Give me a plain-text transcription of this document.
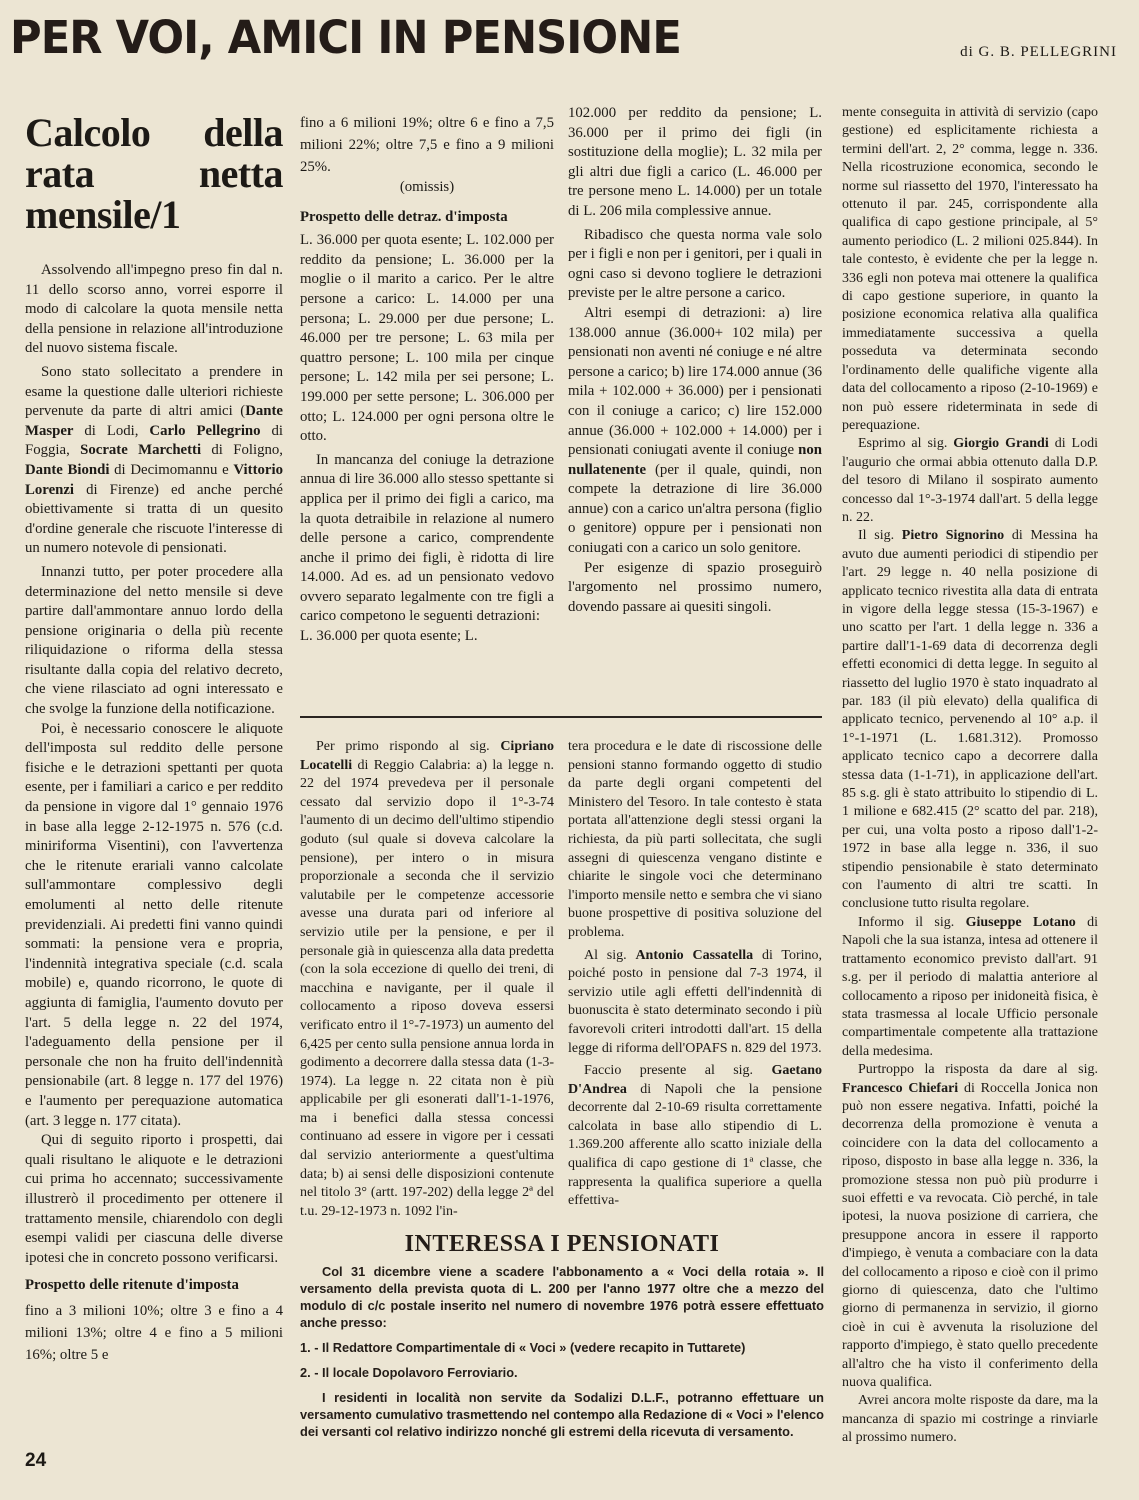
PER VOI, AMICI IN PENSIONE	di G. B. PELLEGRINI
Calcolo della rata netta mensile/1

Assolvendo all'impegno preso fin dal n. 11 dello scorso anno, vorrei esporre il modo di calcolare la quota mensile netta della pensione in relazione all'introduzione del nuovo sistema fiscale.

Sono stato sollecitato a prendere in esame la questione dalle ulteriori richieste pervenute da parte di altri amici (Dante Masper di Lodi, Carlo Pellegrino di Foggia, Socrate Marchetti di Foligno, Dante Biondi di Decimomannu e Vittorio Lorenzi di Firenze) ed anche perché obiettivamente si tratta di un quesito d'ordine generale che riscuote l'interesse di un numero notevole di pensionati.

Innanzi tutto, per poter procedere alla determinazione del netto mensile si deve partire dall'ammontare annuo lordo della pensione originaria o della più recente riliquidazione o riforma della stessa risultante dalla copia del relativo decreto, che viene rilasciato ad ogni interessato e che svolge la funzione della notificazione.

Poi, è necessario conoscere le aliquote dell'imposta sul reddito delle persone fisiche e le detrazioni spettanti per quota esente, per i familiari a carico e per reddito da pensione in vigore dal 1° gennaio 1976 in base alla legge 2-12-1975 n. 576 (c.d. miniriforma Visentini), con l'avvertenza che le ritenute erariali vanno calcolate sull'ammontare complessivo degli emolumenti al netto delle ritenute previdenziali. Ai predetti fini vanno quindi sommati: la pensione vera e propria, l'indennità integrativa speciale (c.d. scala mobile) e, quando ricorrono, le quote di aggiunta di famiglia, l'aumento dovuto per l'art. 5 della legge n. 22 del 1974, l'adeguamento della pensione per il personale che non ha fruito dell'indennità pensionabile (art. 8 legge n. 177 del 1976) e l'aumento per perequazione automatica (art. 3 legge n. 177 citata).

Qui di seguito riporto i prospetti, dai quali risultano le aliquote e le detrazioni cui prima ho accennato; successivamente illustrerò il procedimento per ottenere il trattamento mensile, chiarendolo con degli esempi validi per ciascuna delle diverse ipotesi che in concreto possono verificarsi.

Prospetto delle ritenute d'imposta

fino a 3 milioni 10%; oltre 3 e fino a 4 milioni 13%; oltre 4 e fino a 5 milioni 16%; oltre 5 e

fino a 6 milioni 19%; oltre 6 e fino a 7,5 milioni 22%; oltre 7,5 e fino a 9 milioni 25%.

(omissis)

Prospetto delle detraz. d'imposta

L. 36.000 per quota esente; L. 102.000 per reddito da pensione; L. 36.000 per la moglie o il marito a carico. Per le altre persone a carico: L. 14.000 per una persona; L. 29.000 per due persone; L. 46.000 per tre persone; L. 63 mila per quattro persone; L. 100 mila per cinque persone; L. 142 mila per sei persone; L. 199.000 per sette persone; L. 306.000 per otto; L. 124.000 per ogni persona oltre le otto.

In mancanza del coniuge la detrazione annua di lire 36.000 allo stesso spettante si applica per il primo dei figli a carico, ma la quota detraibile in relazione al numero delle persone a carico, comprendente anche il primo dei figli, è ridotta di lire 14.000. Ad es. ad un pensionato vedovo ovvero separato legalmente con tre figli a carico competono le seguenti detrazioni:

L. 36.000 per quota esente; L.

102.000 per reddito da pensione; L. 36.000 per il primo dei figli (in sostituzione della moglie); L. 32 mila per gli altri due figli a carico (L. 46.000 per tre persone meno L. 14.000) per un totale di L. 206 mila complessive annue.

Ribadisco che questa norma vale solo per i figli e non per i genitori, per i quali in ogni caso si devono togliere le detrazioni previste per le altre persone a carico.

Altri esempi di detrazioni: a) lire 138.000 annue (36.000+ 102 mila) per pensionati non aventi né coniuge e né altre persone a carico; b) lire 174.000 annue (36 mila + 102.000 + 36.000) per i pensionati con il coniuge a carico; c) lire 152.000 annue (36.000 + 102.000 + 14.000) per i pensionati coniugati avente il coniuge non nullatenente (per il quale, quindi, non compete la detrazione di lire 36.000 annue) con a carico un'altra persona (figlio o genitore) oppure per i pensionati non coniugati con a carico un solo genitore.

Per esigenze di spazio proseguirò l'argomento nel prossimo numero, dovendo passare ai quesiti singoli.

Per primo rispondo al sig. Cipriano Locatelli di Reggio Calabria: a) la legge n. 22 del 1974 prevedeva per il personale cessato dal servizio dopo il 1°-3-74 l'aumento di un decimo dell'ultimo stipendio goduto (sul quale si doveva calcolare la pensione), per intero o in misura proporzionale a seconda che il servizio valutabile per le competenze accessorie avesse una durata pari od inferiore al servizio utile per la pensione, e per il personale già in quiescenza alla data predetta (con la sola eccezione di quello dei treni, di macchina e navigante, per il quale il collocamento a riposo doveva essersi verificato entro il 1°-7-1973) un aumento del 6,425 per cento sulla pensione annua lorda in godimento a decorrere dalla stessa data (1-3-1974). La legge n. 22 citata non è più applicabile per gli esonerati dall'1-1-1976, ma i benefici dalla stessa concessi continuano ad essere in vigore per i cessati dal servizio anteriormente a quest'ultima data; b) ai sensi delle disposizioni contenute nel titolo 3° (artt. 197-202) della legge 2ª del t.u. 29-12-1973 n. 1092 l'in-

tera procedura e le date di riscossione delle pensioni stanno formando oggetto di studio da parte degli organi competenti del Ministero del Tesoro. In tale contesto è stata portata all'attenzione degli stessi organi la richiesta, da più parti sollecitata, che sugli assegni di quiescenza vengano distinte e chiarite le singole voci che determinano l'importo mensile netto e sembra che vi siano buone prospettive di positiva soluzione del problema.

Al sig. Antonio Cassatella di Torino, poiché posto in pensione dal 7-3 1974, il servizio utile agli effetti dell'indennità di buonuscita è stato determinato secondo i più favorevoli criteri introdotti dall'art. 15 della legge di riforma dell'OPAFS n. 829 del 1973.

Faccio presente al sig. Gaetano D'Andrea di Napoli che la pensione decorrente dal 2-10-69 risulta correttamente calcolata in base allo stipendio di L. 1.369.200 afferente allo scatto iniziale della qualifica di capo gestione di 1ª classe, che rappresenta la qualifica superiore a quella effettiva-

mente conseguita in attività di servizio (capo gestione) ed esplicitamente richiesta a termini dell'art. 2, 2° comma, legge n. 336. Nella ricostruzione economica, secondo le norme sul riassetto del 1970, l'interessato ha ottenuto il par. 245, corrispondente alla qualifica di capo gestione principale, al 5° aumento periodico (L. 2 milioni 025.844). In tale contesto, è evidente che per la legge n. 336 egli non poteva mai ottenere la qualifica di capo gestione superiore, in quanto la posizione economica relativa alla qualifica immediatamente successiva a quella posseduta va determinata secondo l'ordinamento delle qualifiche vigente alla data del collocamento a riposo (2-10-1969) e non può essere rideterminata in sede di perequazione.

Esprimo al sig. Giorgio Grandi di Lodi l'augurio che ormai abbia ottenuto dalla D.P. del tesoro di Milano il sospirato aumento concesso dal 1°-3-1974 dall'art. 5 della legge n. 22.

Il sig. Pietro Signorino di Messina ha avuto due aumenti periodici di stipendio per l'art. 29 legge n. 40 nella posizione di applicato tecnico rivestita alla data di entrata in vigore della legge stessa (15-3-1967) e uno scatto per l'art. 1 della legge n. 336 a partire dall'1-1-69 data di decorrenza degli effetti economici di detta legge. In seguito al riassetto del luglio 1970 è stato inquadrato al par. 183 (il più elevato) della qualifica di applicato tecnico, pervenendo al 10° a.p. il 1°-1-1971 (L. 1.681.312). Promosso applicato tecnico capo a decorrere dalla stessa data (1-1-71), in applicazione dell'art. 85 s.g. gli è stato attribuito lo stipendio di L. 1 milione e 682.415 (2° scatto del par. 218), per cui, una volta posto a riposo dall'1-2-1972 in base alla legge n. 336, il suo stipendio pensionabile è stato determinato con l'aumento di altri tre scatti. In conclusione tutto risulta regolare.

Informo il sig. Giuseppe Lotano di Napoli che la sua istanza, intesa ad ottenere il trattamento economico previsto dall'art. 91 s.g. per il periodo di malattia anteriore al collocamento a riposo per inidoneità fisica, è stata trasmessa al locale Ufficio personale compartimentale competente alla trattazione della medesima.

Purtroppo la risposta da dare al sig. Francesco Chiefari di Roccella Jonica non può non essere negativa. Infatti, poiché la decorrenza della promozione è venuta a coincidere con la data del collocamento a riposo, disposto in base alla legge n. 336, la promozione stessa non può più produrre i suoi effetti e va revocata. Ciò perché, in tale ipotesi, la nuova posizione di carriera, che presuppone ancora in essere il rapporto d'impiego, è venuta a combaciare con la data del collocamento a riposo e cioè con il primo giorno di quiescenza, dato che l'ultimo giorno di permanenza in servizio, il giorno cioè in cui è avvenuta la risoluzione del rapporto d'impiego, è stato quello precedente all'altro che ha visto il conferimento della nuova qualifica.

Avrei ancora molte risposte da dare, ma la mancanza di spazio mi costringe a rinviarle al prossimo numero.

INTERESSA I PENSIONATI

Col 31 dicembre viene a scadere l'abbonamento a « Voci della rotaia ». Il versamento della prevista quota di L. 200 per l'anno 1977 oltre che a mezzo del modulo di c/c postale inserito nel numero di novembre 1976 potrà essere effettuato anche presso:

1. - Il Redattore Compartimentale di « Voci » (vedere recapito in Tuttarete)

2. - Il locale Dopolavoro Ferroviario.

I residenti in località non servite da Sodalizi D.L.F., potranno effettuare un versamento cumulativo trasmettendo nel contempo alla Redazione di « Voci » l'elenco dei versanti col relativo indirizzo nonché gli estremi della ricevuta di versamento.

24
